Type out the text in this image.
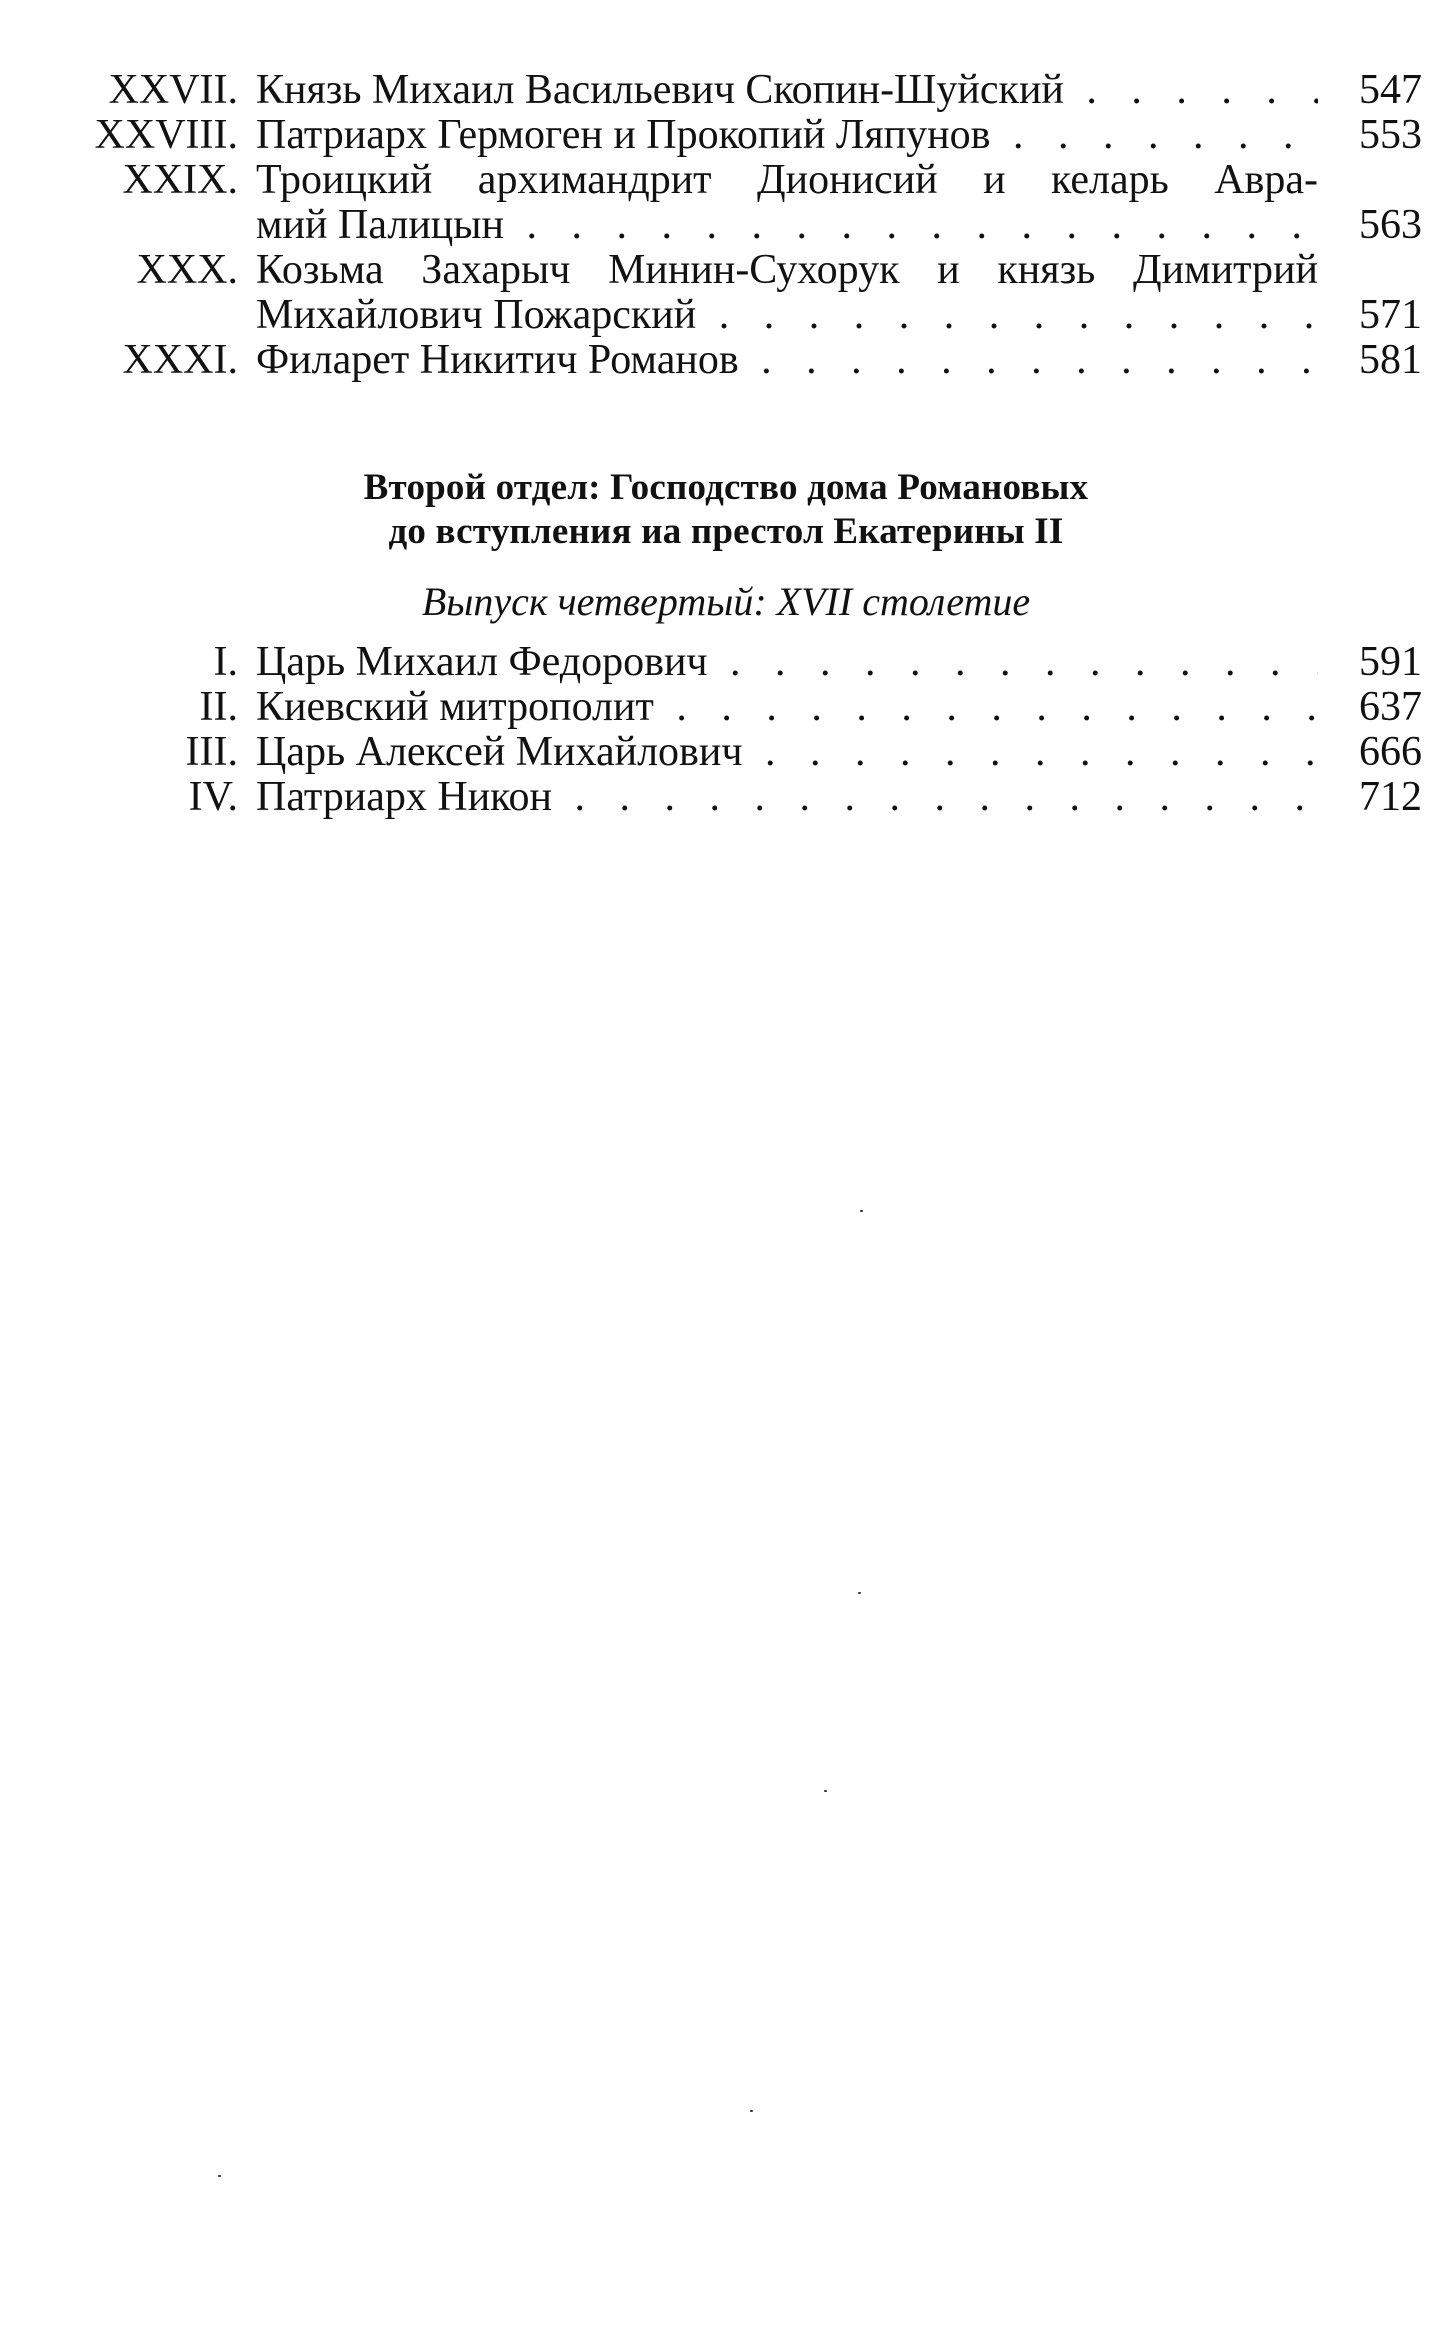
XXVII. Князь Михаил Васильевич Скопин-Шуйский . . .	547
XXVIII. Патриарх Гермоген и Прокопий Ляпунов . . .	553
XXIX. Троицкий архимандрит Дионисий и келарь Авра-
мий Палицын . . .	563
XXX. Козьма Захарыч Минин-Сухорук и князь Димитрий
Михайлович Пожарский . . .	571
XXXI. Филарет Никитич Романов . . .	581
Второй отдел: Господство дома Романовых
до вступления иа престол Екатерины II
Выпуск четвертый: XVII столетие
I. Царь Михаил Федорович . . .	591
II. Киевский митрополит . . .	637
III. Царь Алексей Михайлович . . .	666
IV. Патриарх Никон . . .	712
